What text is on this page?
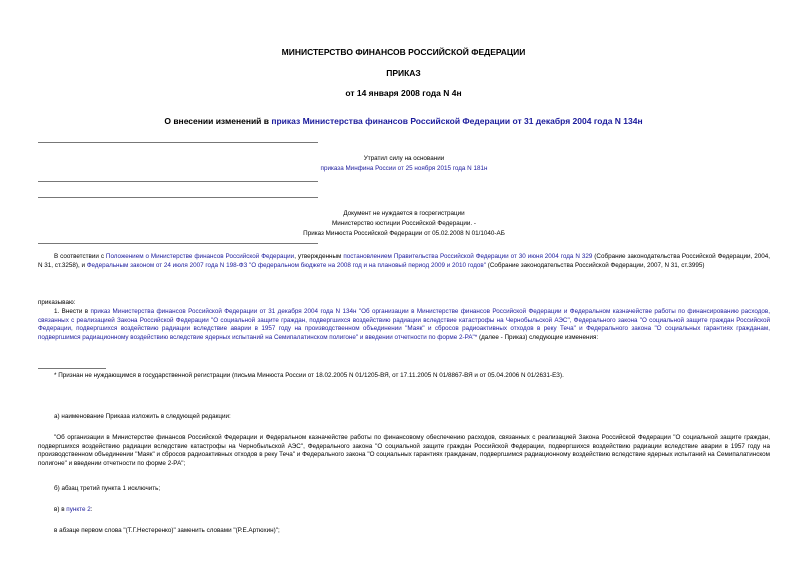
МИНИСТЕРСТВО ФИНАНСОВ РОССИЙСКОЙ ФЕДЕРАЦИИ
ПРИКАЗ
от 14 января 2008 года N 4н
О внесении изменений в приказ Министерства финансов Российской Федерации от 31 декабря 2004 года N 134н
Утратил силу на основании
приказа Минфина России от 25 ноября 2015 года N 181н
Документ не нуждается в госрегистрации
Министерство юстиции Российской Федерации. -
Приказ Минюста Российской Федерации от 05.02.2008 N 01/1040-АБ
В соответствии с Положением о Министерстве финансов Российской Федерации, утвержденным постановлением Правительства Российской Федерации от 30 июня 2004 года N 329 (Собрание законодательства Российской Федерации, 2004, N 31, ст.3258), и Федеральным законом от 24 июля 2007 года N 198-ФЗ "О федеральном бюджете на 2008 год и на плановый период 2009 и 2010 годов" (Собрание законодательства Российской Федерации, 2007, N 31, ст.3995)
приказываю:
1. Внести в приказ Министерства финансов Российской Федерации от 31 декабря 2004 года N 134н "Об организации в Министерстве финансов Российской Федерации и Федеральном казначействе работы по финансированию расходов, связанных с реализацией Закона Российской Федерации "О социальной защите граждан, подвергшихся воздействию радиации вследствие катастрофы на Чернобыльской АЭС", Федерального закона "О социальной защите граждан Российской Федерации, подвергшихся воздействию радиации вследствие аварии в 1957 году на производственном объединении "Маяк" и сбросов радиоактивных отходов в реку Теча" и Федерального закона "О социальных гарантиях гражданам, подвергшимся радиационному воздействию вследствие ядерных испытаний на Семипалатинском полигоне" и введении отчетности по форме 2-РА"* (далее - Приказ) следующие изменения:
* Признан не нуждающимся в государственной регистрации (письма Минюста России от 18.02.2005 N 01/1205-ВЯ, от 17.11.2005 N 01/8867-ВЯ и от 05.04.2006 N 01/2631-ЕЗ).
а) наименование Приказа изложить в следующей редакции:
"Об организации в Министерстве финансов Российской Федерации и Федеральном казначействе работы по финансовому обеспечению расходов, связанных с реализацией Закона Российской Федерации "О социальной защите граждан, подвергшихся воздействию радиации вследствие катастрофы на Чернобыльской АЭС", Федерального закона "О социальной защите граждан Российской Федерации, подвергшихся воздействию радиации вследствие аварии в 1957 году на производственном объединении "Маяк" и сбросов радиоактивных отходов в реку Теча" и Федерального закона "О социальных гарантиях гражданам, подвергшимся радиационному воздействию вследствие ядерных испытаний на Семипалатинском полигоне" и введении отчетности по форме 2-РА";
б) абзац третий пункта 1 исключить;
в) в пункте 2:
в абзаце первом слова "(Т.Г.Нестеренко)" заменить словами "(Р.Е.Артюхин)";
